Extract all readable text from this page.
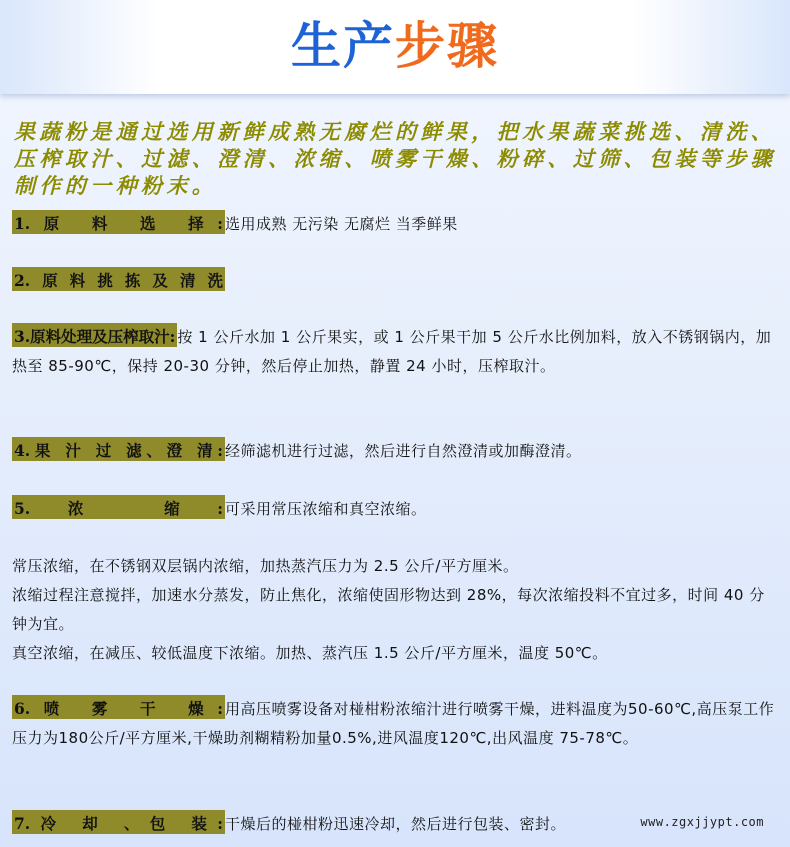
生产步骤
果蔬粉是通过选用新鲜成熟无腐烂的鲜果，把水果蔬菜挑选、清洗、压榨取汁、过滤、澄清、浓缩、喷雾干燥、粉碎、过筛、包装等步骤制作的一种粉末。
1.原 料 选 择: 选用成熟 无污染 无腐烂 当季鲜果
2.原料挑拣及清洗
3.原料处理及压榨取汁: 按 1 公斤水加 1 公斤果实，或 1 公斤果干加 5 公斤水比例加料，放入不锈钢锅内，加热至 85-90℃，保持 20-30 分钟，然后停止加热，静置 24 小时，压榨取汁。
4.果 汁 过 滤、澄 清: 经筛滤机进行过滤，然后进行自然澄清或加酶澄清。
5.浓 缩: 可采用常压浓缩和真空浓缩。
常压浓缩，在不锈钢双层锅内浓缩，加热蒸汽压力为 2.5 公斤/平方厘米。
浓缩过程注意搅拌，加速水分蒸发，防止焦化，浓缩使固形物达到 28%，每次浓缩投料不宜过多，时间 40 分钟为宜。
真空浓缩，在减压、较低温度下浓缩。加热、蒸汽压 1.5 公斤/平方厘米，温度 50℃。
6.喷 雾 干 燥: 用高压喷雾设备对椪柑粉浓缩汁进行喷雾干燥，进料温度为50-60℃,高压泵工作压力为180公斤/平方厘米,干燥助剂糊精粉加量0.5%,进风温度120℃,出风温度 75-78℃。
7.冷 却 、包 装: 干燥后的椪柑粉迅速冷却，然后进行包装、密封。	www.zgxjjypt.com
